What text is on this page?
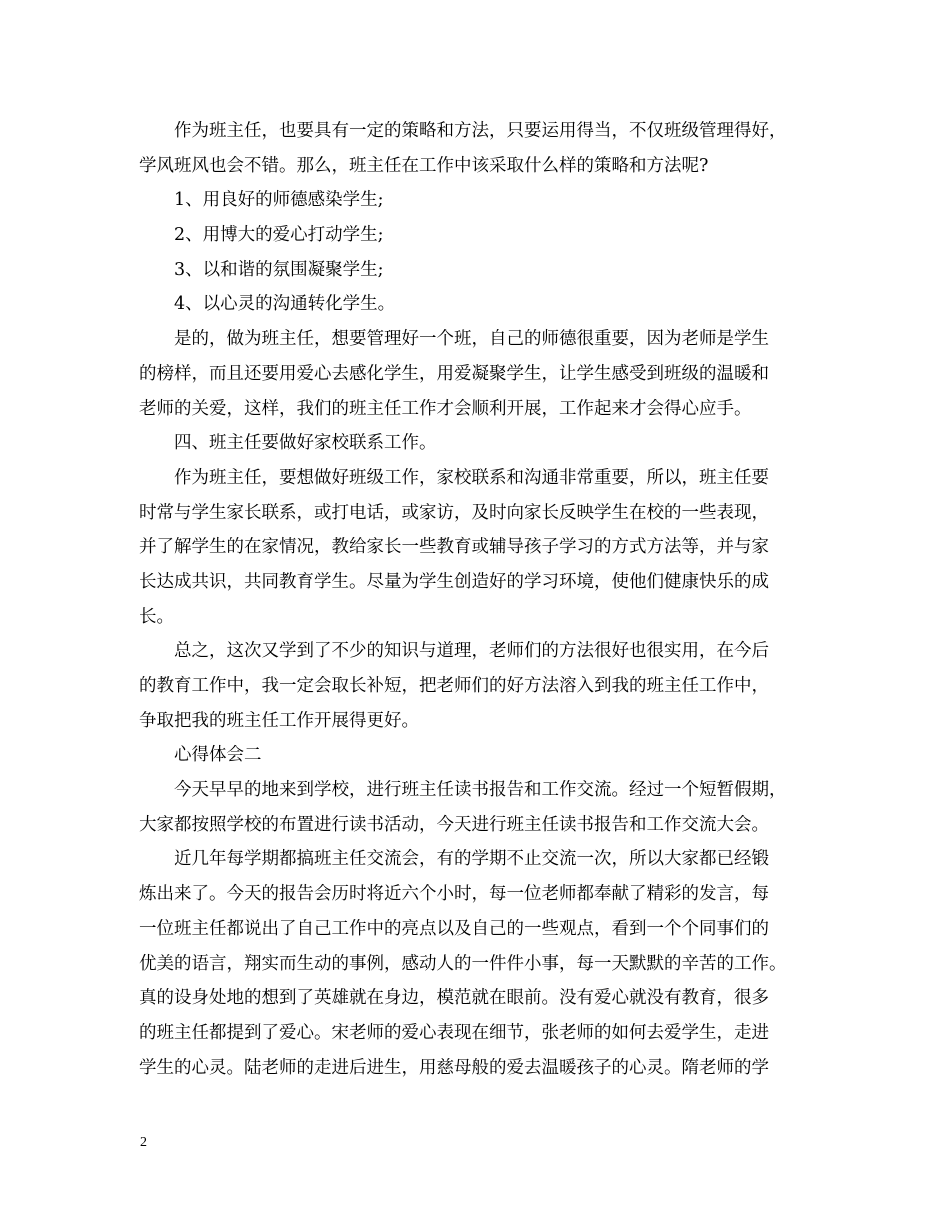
作为班主任，也要具有一定的策略和方法，只要运用得当，不仅班级管理得好，
学风班风也会不错。那么，班主任在工作中该采取什么样的策略和方法呢?
1、用良好的师德感染学生;
2、用博大的爱心打动学生;
3、以和谐的氛围凝聚学生;
4、以心灵的沟通转化学生。
是的，做为班主任，想要管理好一个班，自己的师德很重要，因为老师是学生
的榜样，而且还要用爱心去感化学生，用爱凝聚学生，让学生感受到班级的温暖和
老师的关爱，这样，我们的班主任工作才会顺利开展，工作起来才会得心应手。
四、班主任要做好家校联系工作。
作为班主任，要想做好班级工作，家校联系和沟通非常重要，所以，班主任要
时常与学生家长联系，或打电话，或家访，及时向家长反映学生在校的一些表现，
并了解学生的在家情况，教给家长一些教育或辅导孩子学习的方式方法等，并与家
长达成共识，共同教育学生。尽量为学生创造好的学习环境，使他们健康快乐的成
长。
总之，这次又学到了不少的知识与道理，老师们的方法很好也很实用，在今后
的教育工作中，我一定会取长补短，把老师们的好方法溶入到我的班主任工作中，
争取把我的班主任工作开展得更好。
心得体会二
今天早早的地来到学校，进行班主任读书报告和工作交流。经过一个短暂假期，
大家都按照学校的布置进行读书活动，今天进行班主任读书报告和工作交流大会。
近几年每学期都搞班主任交流会，有的学期不止交流一次，所以大家都已经锻
炼出来了。今天的报告会历时将近六个小时，每一位老师都奉献了精彩的发言，每
一位班主任都说出了自己工作中的亮点以及自己的一些观点，看到一个个同事们的
优美的语言，翔实而生动的事例，感动人的一件件小事，每一天默默的辛苦的工作。
真的设身处地的想到了英雄就在身边，模范就在眼前。没有爱心就没有教育，很多
的班主任都提到了爱心。宋老师的爱心表现在细节，张老师的如何去爱学生，走进
学生的心灵。陆老师的走进后进生，用慈母般的爱去温暖孩子的心灵。隋老师的学
2
